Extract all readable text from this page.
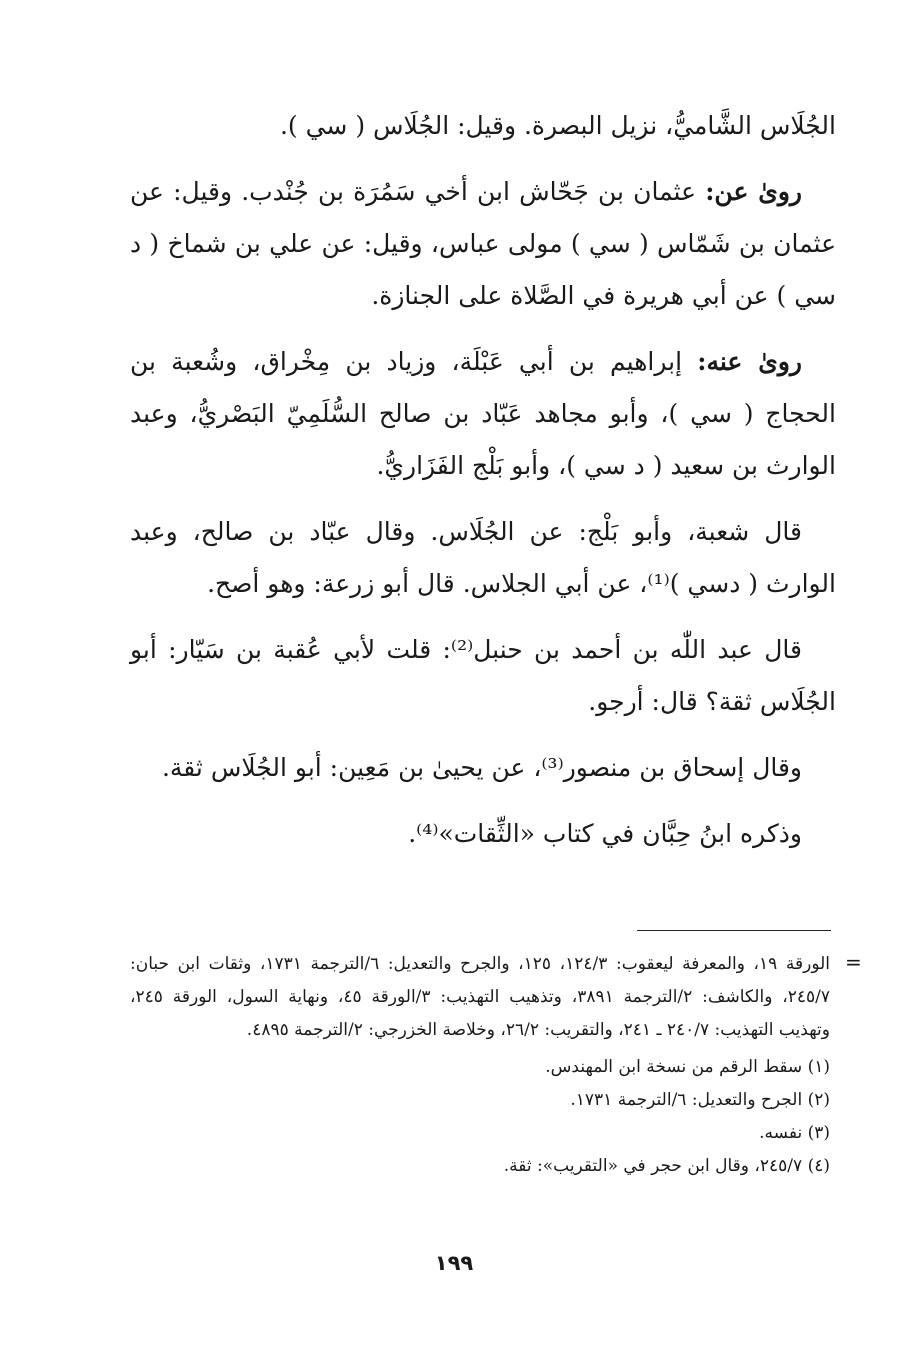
الجُلَاس الشَّاميُّ، نزيل البصرة. وقيل: الجُلَاس ( سي ).

روىٰ عن: عثمان بن جَحّاش ابن أخي سَمُرَة بن جُنْدب. وقيل: عن عثمان بن شَمّاس ( سي ) مولى عباس، وقيل: عن علي بن شماخ ( د سي ) عن أبي هريرة في الصَّلاة على الجنازة.

روىٰ عنه: إبراهيم بن أبي عَبْلَة، وزياد بن مِخْراق، وشُعبة بن الحجاج ( سي )، وأبو مجاهد عَبّاد بن صالح السُّلَمِيّ البَصْريُّ، وعبد الوارث بن سعيد ( د سي )، وأبو بَلْج الفَزَاريُّ.

قال شعبة، وأبو بَلْج: عن الجُلَاس. وقال عبّاد بن صالح، وعبد الوارث ( دسي )⁽¹⁾، عن أبي الجلاس. قال أبو زرعة: وهو أصح.

قال عبد اللّٰه بن أحمد بن حنبل⁽²⁾: قلت لأبي عُقبة بن سَيّار: أبو الجُلَاس ثقة؟ قال: أرجو.

وقال إسحاق بن منصور⁽³⁾، عن يحيىٰ بن مَعِين: أبو الجُلَاس ثقة.

وذكره ابنُ حِبَّان في كتاب «الثِّقات»⁽⁴⁾.

=

الورقة ١٩، والمعرفة ليعقوب: ١٢٤/٣، ١٢٥، والجرح والتعديل: ٦/الترجمة ١٧٣١، وثقات ابن حبان: ٢٤٥/٧، والكاشف: ٢/الترجمة ٣٨٩١، وتذهيب التهذيب: ٣/الورقة ٤٥، ونهاية السول، الورقة ٢٤٥، وتهذيب التهذيب: ٢٤٠/٧ ـ ٢٤١، والتقريب: ٢٦/٢، وخلاصة الخزرجي: ٢/الترجمة ٤٨٩٥.

(١) سقط الرقم من نسخة ابن المهندس.

(٢) الجرح والتعديل: ٦/الترجمة ١٧٣١.

(٣) نفسه.

(٤) ٢٤٥/٧، وقال ابن حجر في «التقريب»: ثقة.

١٩٩
